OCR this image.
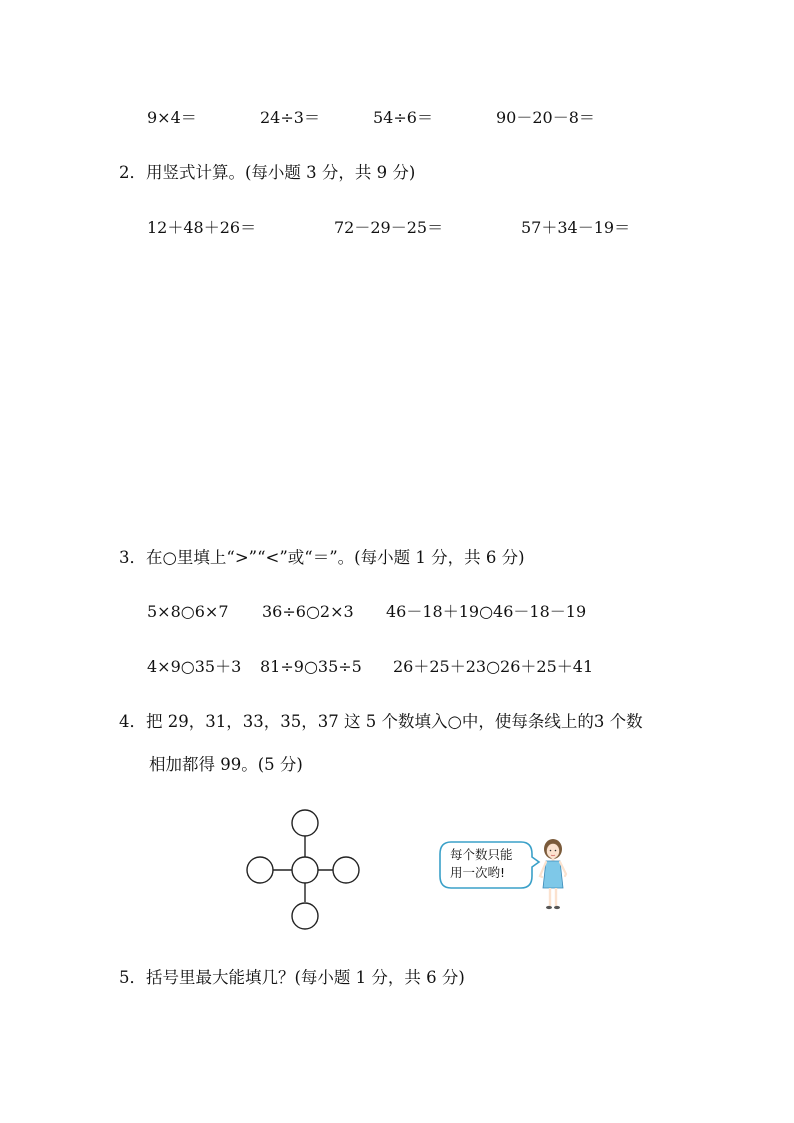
9×4＝	24÷3＝	54÷6＝	90－20－8＝
2．用竖式计算。(每小题 3 分，共 9 分)
12＋48＋26＝	72－29－25＝	57＋34－19＝
3．在○里填上“>”“<”或“＝”。(每小题 1 分，共 6 分)
5×8○6×7 36÷6○2×3 46－18＋19○46－18－19
4×9○35＋3 81÷9○35÷5 26＋25＋23○26＋25＋41
4．把 29，31，33，35，37 这 5 个数填入○中，使每条线上的3 个数
相加都得 99。(5 分)
每个数只能
用一次哟!
5．括号里最大能填几？(每小题 1 分，共 6 分)
